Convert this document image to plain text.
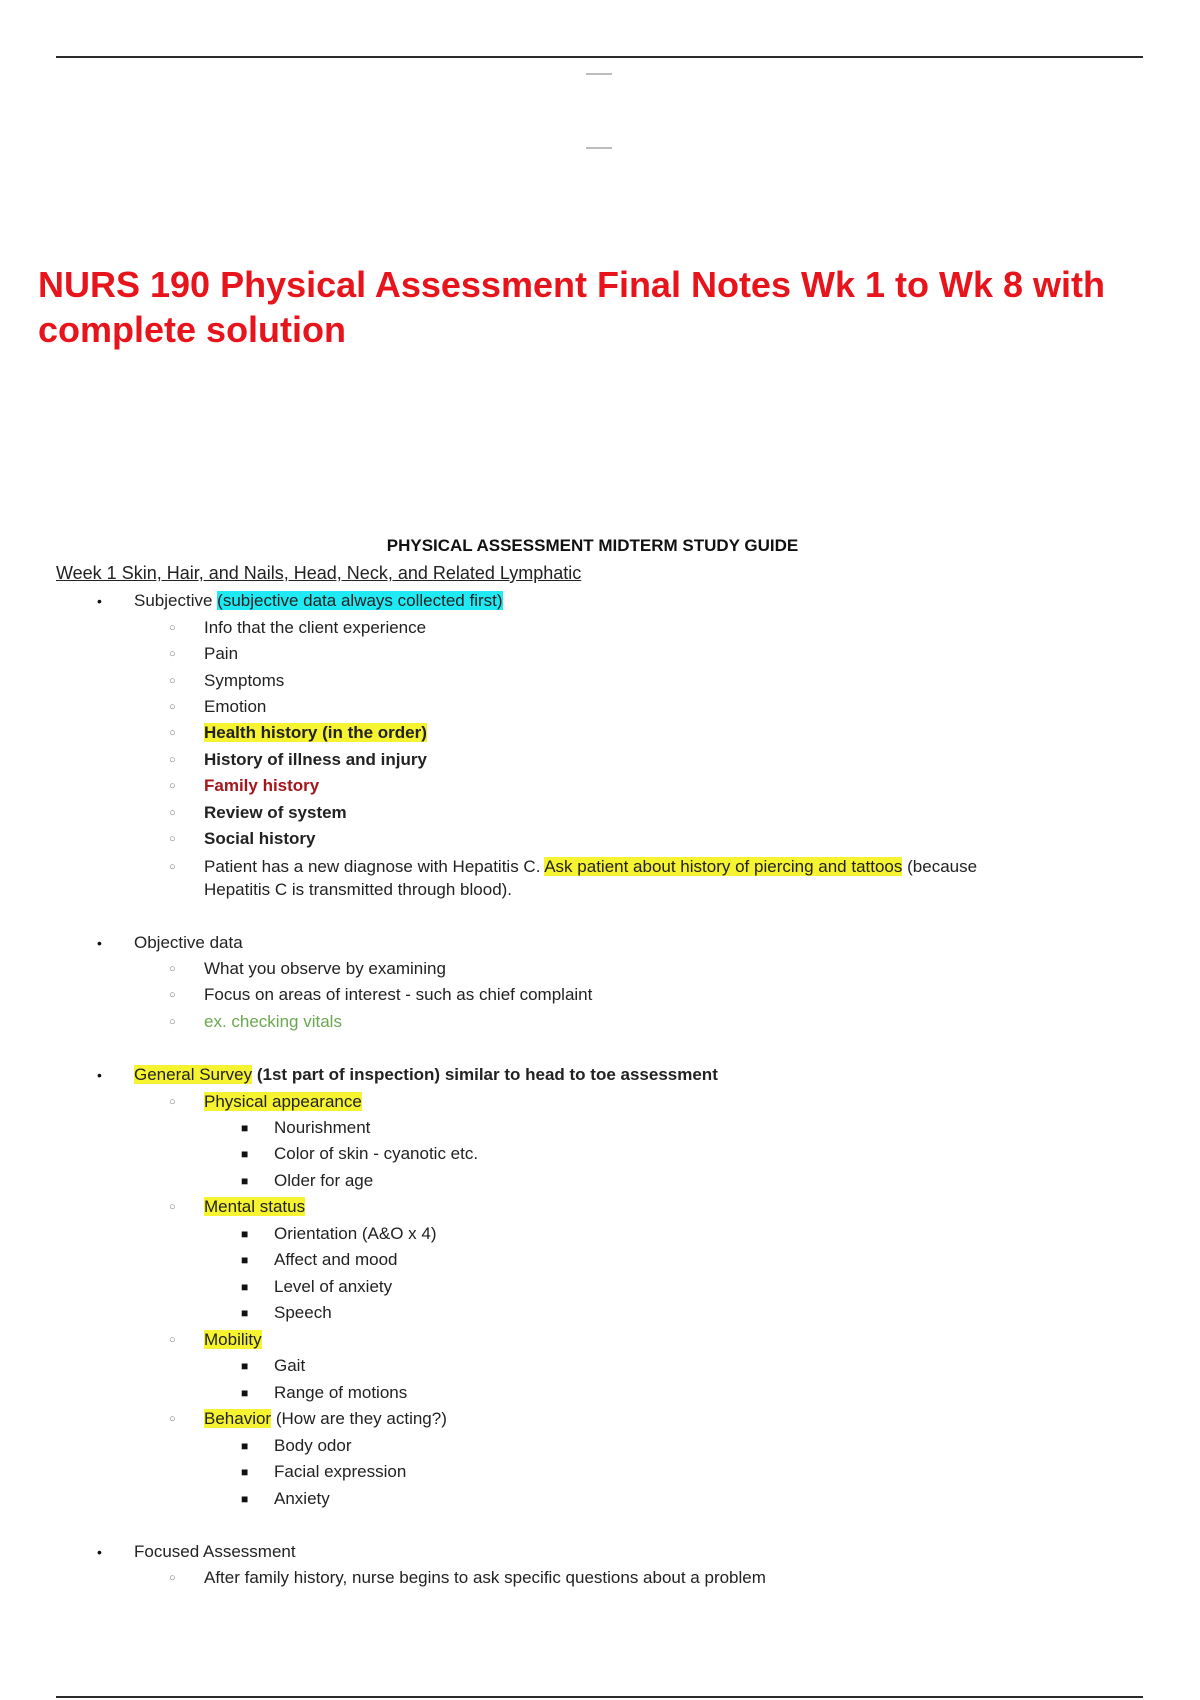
NURS 190 Physical Assessment Final Notes Wk 1 to Wk 8 with complete solution
PHYSICAL ASSESSMENT MIDTERM STUDY GUIDE
Week 1 Skin, Hair, and Nails, Head, Neck, and Related Lymphatic
• Subjective (subjective data always collected first)
○ Info that the client experience
○ Pain
○ Symptoms
○ Emotion
○ Health history (in the order)
○ History of illness and injury
○ Family history
○ Review of system
○ Social history
○ Patient has a new diagnose with Hepatitis C. Ask patient about history of piercing and tattoos (because
Hepatitis C is transmitted through blood).
• Objective data
○ What you observe by examining
○ Focus on areas of interest - such as chief complaint
○ ex. checking vitals
• General Survey (1st part of inspection) similar to head to toe assessment
○ Physical appearance
■ Nourishment
■ Color of skin - cyanotic etc.
■ Older for age
○ Mental status
■ Orientation (A&O x 4)
■ Affect and mood
■ Level of anxiety
■ Speech
○ Mobility
■ Gait
■ Range of motions
○ Behavior (How are they acting?)
■ Body odor
■ Facial expression
■ Anxiety
• Focused Assessment
○ After family history, nurse begins to ask specific questions about a problem
